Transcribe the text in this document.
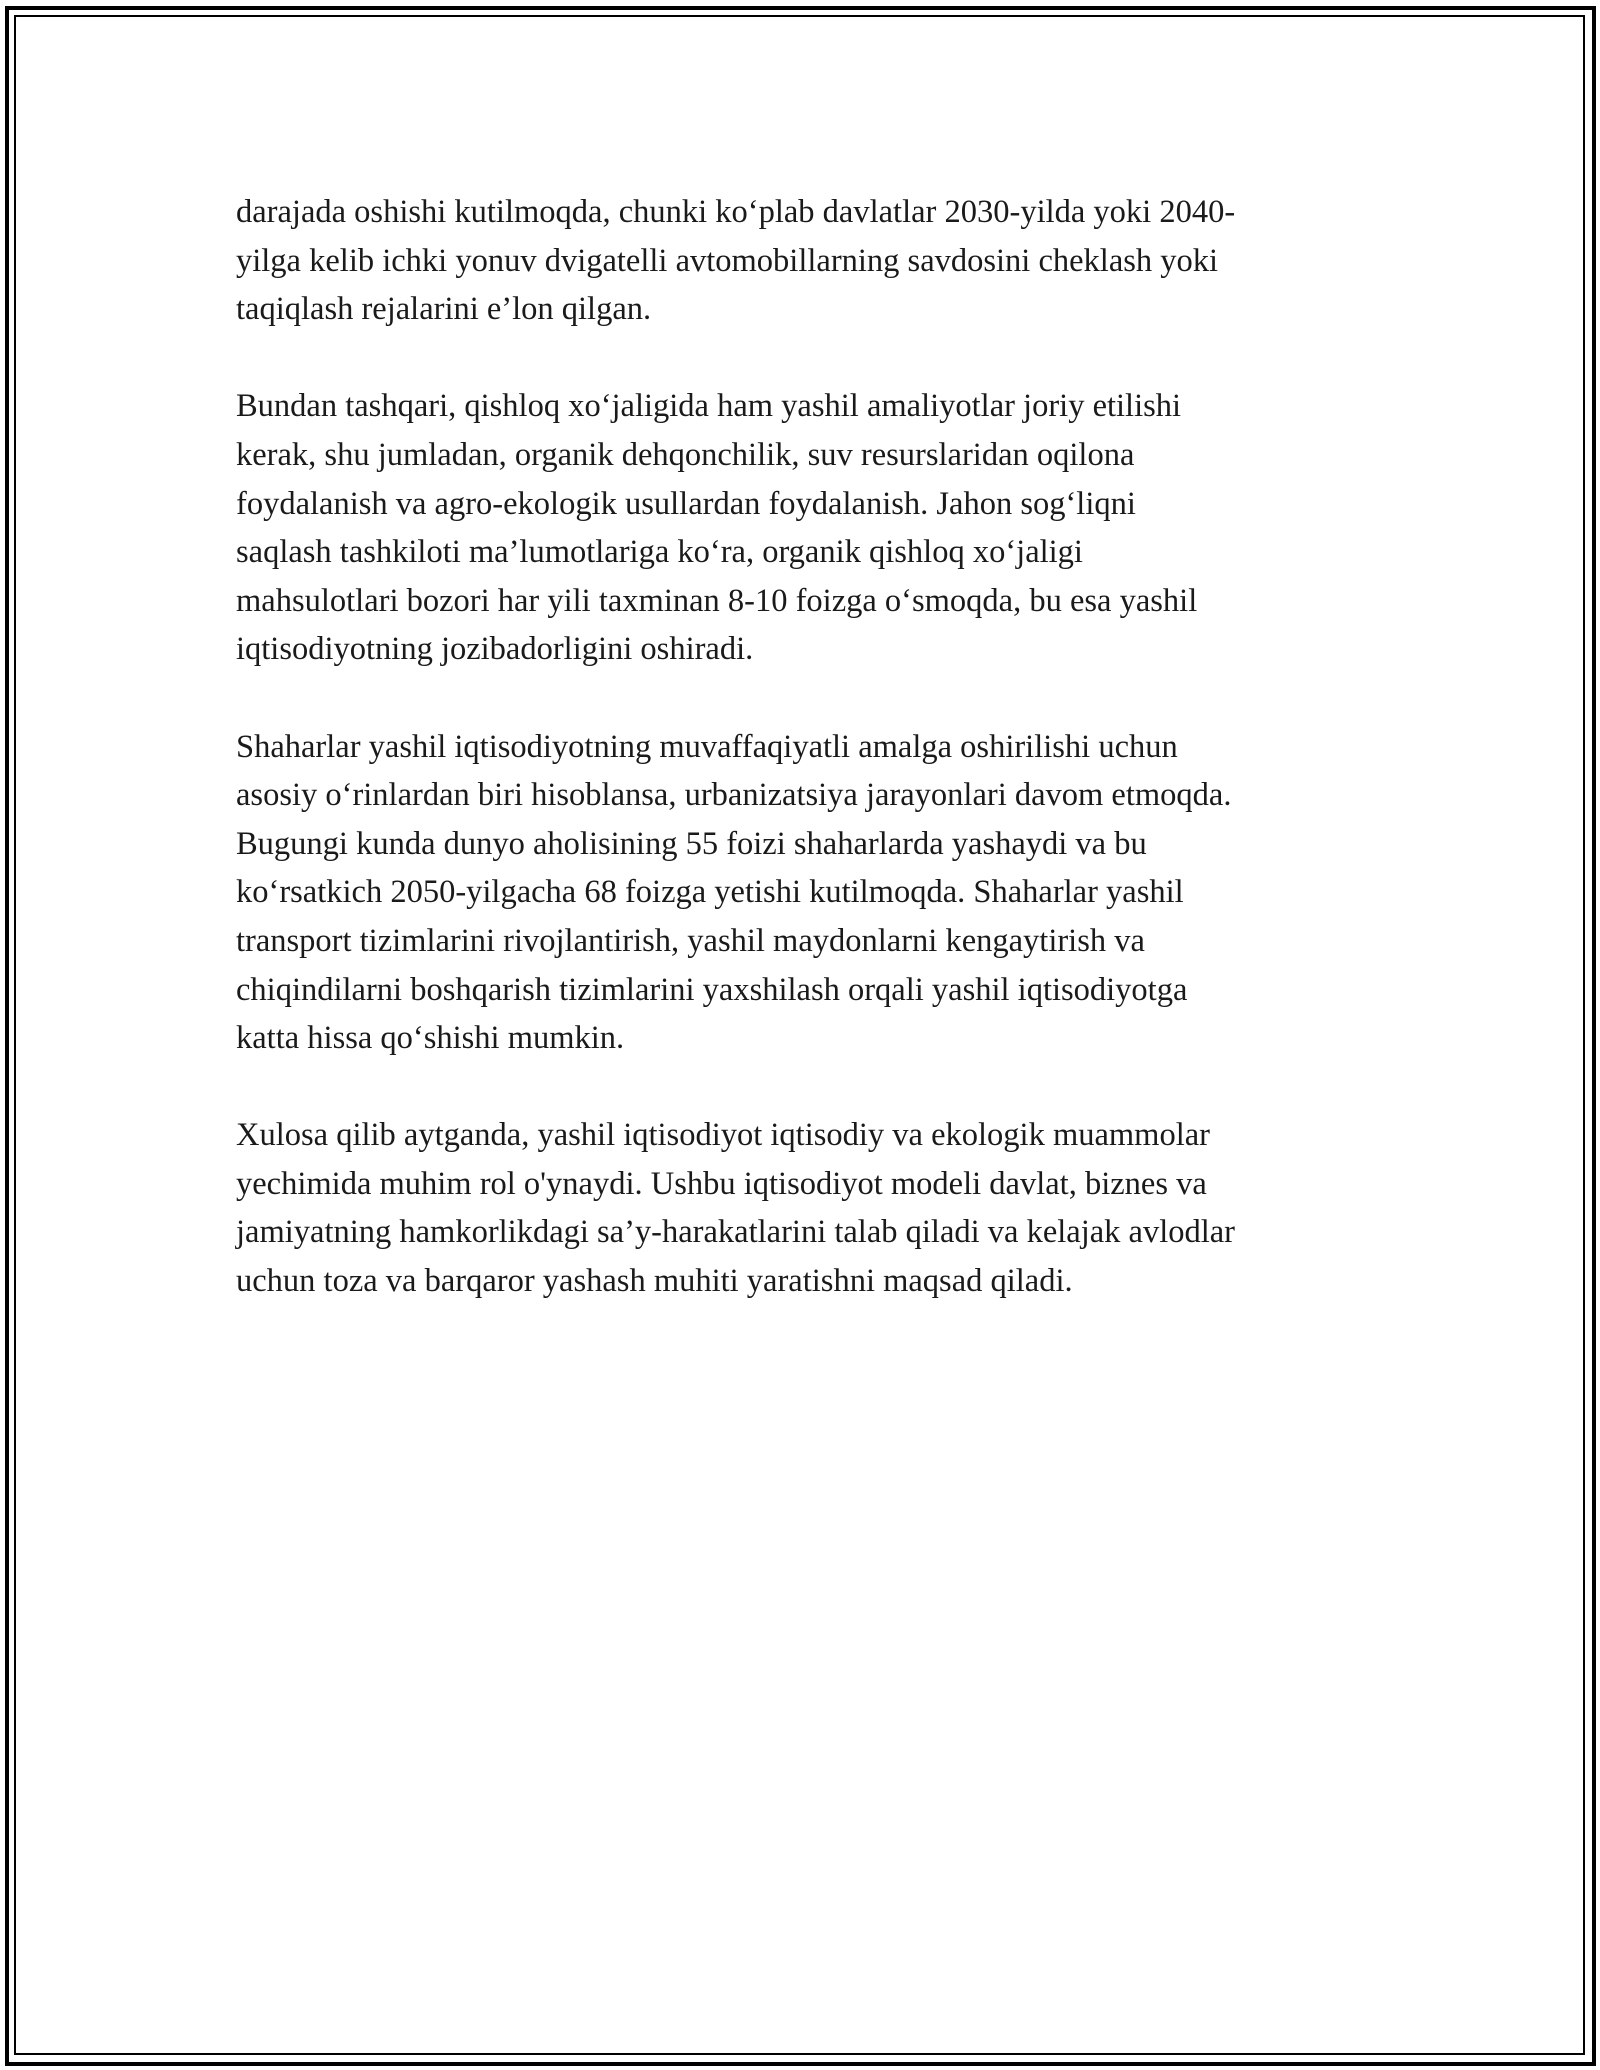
darajada oshishi kutilmoqda, chunki ko‘plab davlatlar 2030-yilda yoki 2040-
yilga kelib ichki yonuv dvigatelli avtomobillarning savdosini cheklash yoki
taqiqlash rejalarini e’lon qilgan.

Bundan tashqari, qishloq xo‘jaligida ham yashil amaliyotlar joriy etilishi
kerak, shu jumladan, organik dehqonchilik, suv resurslaridan oqilona
foydalanish va agro-ekologik usullardan foydalanish. Jahon sog‘liqni
saqlash tashkiloti ma’lumotlariga ko‘ra, organik qishloq xo‘jaligi
mahsulotlari bozori har yili taxminan 8-10 foizga o‘smoqda, bu esa yashil
iqtisodiyotning jozibadorligini oshiradi.

Shaharlar yashil iqtisodiyotning muvaffaqiyatli amalga oshirilishi uchun
asosiy o‘rinlardan biri hisoblansa, urbanizatsiya jarayonlari davom etmoqda.
Bugungi kunda dunyo aholisining 55 foizi shaharlarda yashaydi va bu
ko‘rsatkich 2050-yilgacha 68 foizga yetishi kutilmoqda. Shaharlar yashil
transport tizimlarini rivojlantirish, yashil maydonlarni kengaytirish va
chiqindilarni boshqarish tizimlarini yaxshilash orqali yashil iqtisodiyotga
katta hissa qo‘shishi mumkin.

Xulosa qilib aytganda, yashil iqtisodiyot iqtisodiy va ekologik muammolar
yechimida muhim rol o'ynaydi. Ushbu iqtisodiyot modeli davlat, biznes va
jamiyatning hamkorlikdagi sa’y-harakatlarini talab qiladi va kelajak avlodlar
uchun toza va barqaror yashash muhiti yaratishni maqsad qiladi.
